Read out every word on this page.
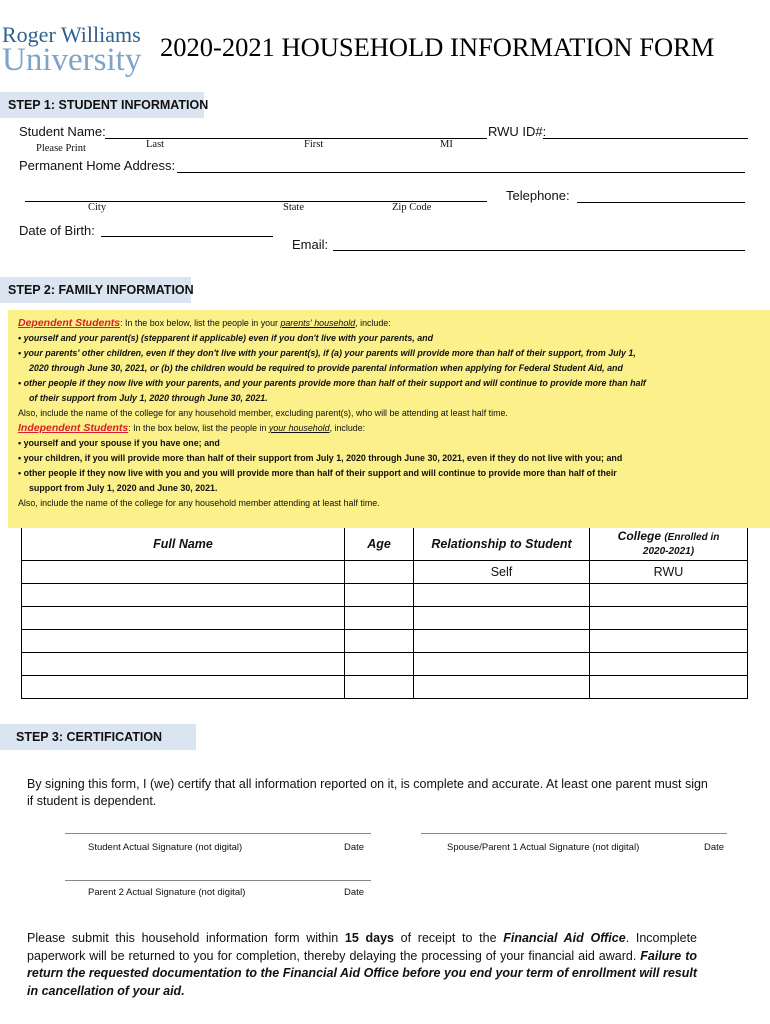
Roger Williams
University 2020-2021 HOUSEHOLD INFORMATION FORM
STEP 1: STUDENT INFORMATION
Student Name:	RWU ID#:
Please Print	Last	First	MI
Permanent Home Address:
Telephone:
City	State	Zip Code
Date of Birth:
Email:
STEP 2: FAMILY INFORMATION
Dependent Students: In the box below, list the people in your parents' household, include:
• yourself and your parent(s) (stepparent if applicable) even if you don't live with your parents, and
• your parents' other children, even if they don't live with your parent(s), if (a) your parents will provide more than half of their support, from July 1,
2020 through June 30, 2021, or (b) the children would be required to provide parental information when applying for Federal Student Aid, and
• other people if they now live with your parents, and your parents provide more than half of their support and will continue to provide more than half
of their support from July 1, 2020 through June 30, 2021.
Also, include the name of the college for any household member, excluding parent(s), who will be attending at least half time.
Independent Students: In the box below, list the people in your household, include:
• yourself and your spouse if you have one; and
• your children, if you will provide more than half of their support from July 1, 2020 through June 30, 2021, even if they do not live with you; and
• other people if they now live with you and you will provide more than half of their support and will continue to provide more than half of their
support from July 1, 2020 and June 30, 2021.
Also, include the name of the college for any household member attending at least half time.
Full Name	Age	Relationship to Student	College (Enrolled in
2020-2021)

		Self	RWU

STEP 3: CERTIFICATION
By signing this form, I (we) certify that all information reported on it, is complete and accurate. At least one parent must sign if student is dependent.
Student Actual Signature (not digital)	Date	Spouse/Parent 1 Actual Signature (not digital)	Date
Parent 2 Actual Signature (not digital)	Date
Please submit this household information form within 15 days of receipt to the Financial Aid Office. Incomplete paperwork will be returned to you for completion, thereby delaying the processing of your financial aid award. Failure to return the requested documentation to the Financial Aid Office before you end your term of enrollment will result in cancellation of your aid.
